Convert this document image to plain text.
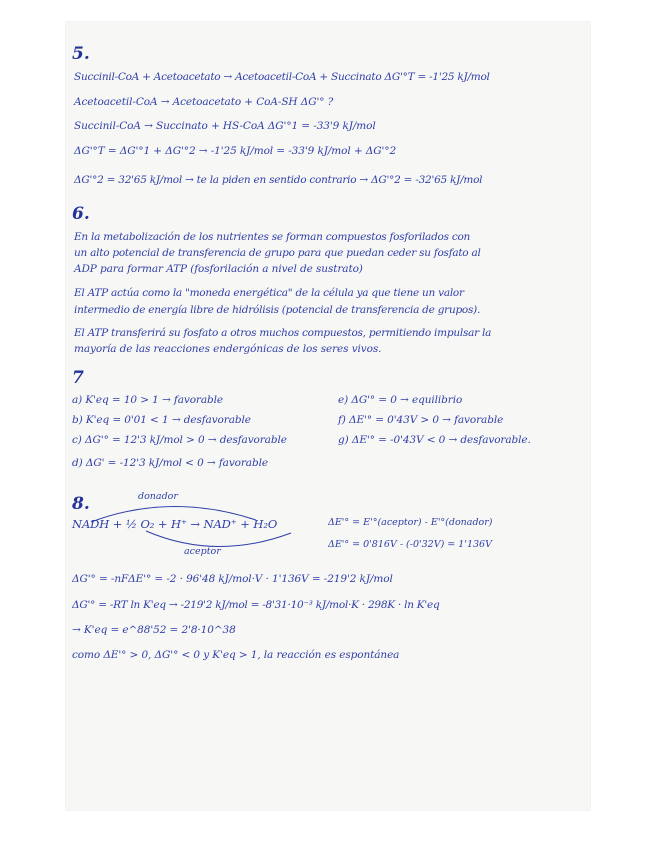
5.
Succinil-CoA + Acetoacetato → Acetoacetil-CoA + Succinato ΔG'°T = -1'25 kJ/mol
Acetoacetil-CoA → Acetoacetato + CoA-SH ΔG'° ?
Succinil-CoA → Succinato + HS-CoA ΔG'°1 = -33'9 kJ/mol
ΔG'°T = ΔG'°1 + ΔG'°2 → -1'25 kJ/mol = -33'9 kJ/mol + ΔG'°2
ΔG'°2 = 32'65 kJ/mol → te la piden en sentido contrario → ΔG'°2 = -32'65 kJ/mol
6.
En la metabolización de los nutrientes se forman compuestos fosforilados con
un alto potencial de transferencia de grupo para que puedan ceder su fosfato al
ADP para formar ATP (fosforilación a nivel de sustrato)
El ATP actúa como la "moneda energética" de la célula ya que tiene un valor
intermedio de energía libre de hidrólisis (potencial de transferencia de grupos).
El ATP transferirá su fosfato a otros muchos compuestos, permitiendo impulsar la
mayoría de las reacciones endergónicas de los seres vivos.
7
a) K'eq = 10 > 1 → favorable
b) K'eq = 0'01 < 1 → desfavorable
c) ΔG'° = 12'3 kJ/mol > 0 → desfavorable
d) ΔG' = -12'3 kJ/mol < 0 → favorable
e) ΔG'° = 0 → equilibrio
f) ΔE'° = 0'43V > 0 → favorable
g) ΔE'° = -0'43V < 0 → desfavorable.
8.	donador
NADH + ½ O₂ + H⁺ → NAD⁺ + H₂O
aceptor
ΔE'° = E'°(aceptor) - E'°(donador)
ΔE'° = 0'816V - (-0'32V) = 1'136V
ΔG'° = -nFΔE'° = -2 · 96'48 kJ/mol·V · 1'136V = -219'2 kJ/mol
ΔG'° = -RT ln K'eq → -219'2 kJ/mol = -8'31·10⁻³ kJ/mol·K · 298K · ln K'eq
→ K'eq = e^88'52 = 2'8·10^38
como ΔE'° > 0, ΔG'° < 0 y K'eq > 1, la reacción es espontánea
